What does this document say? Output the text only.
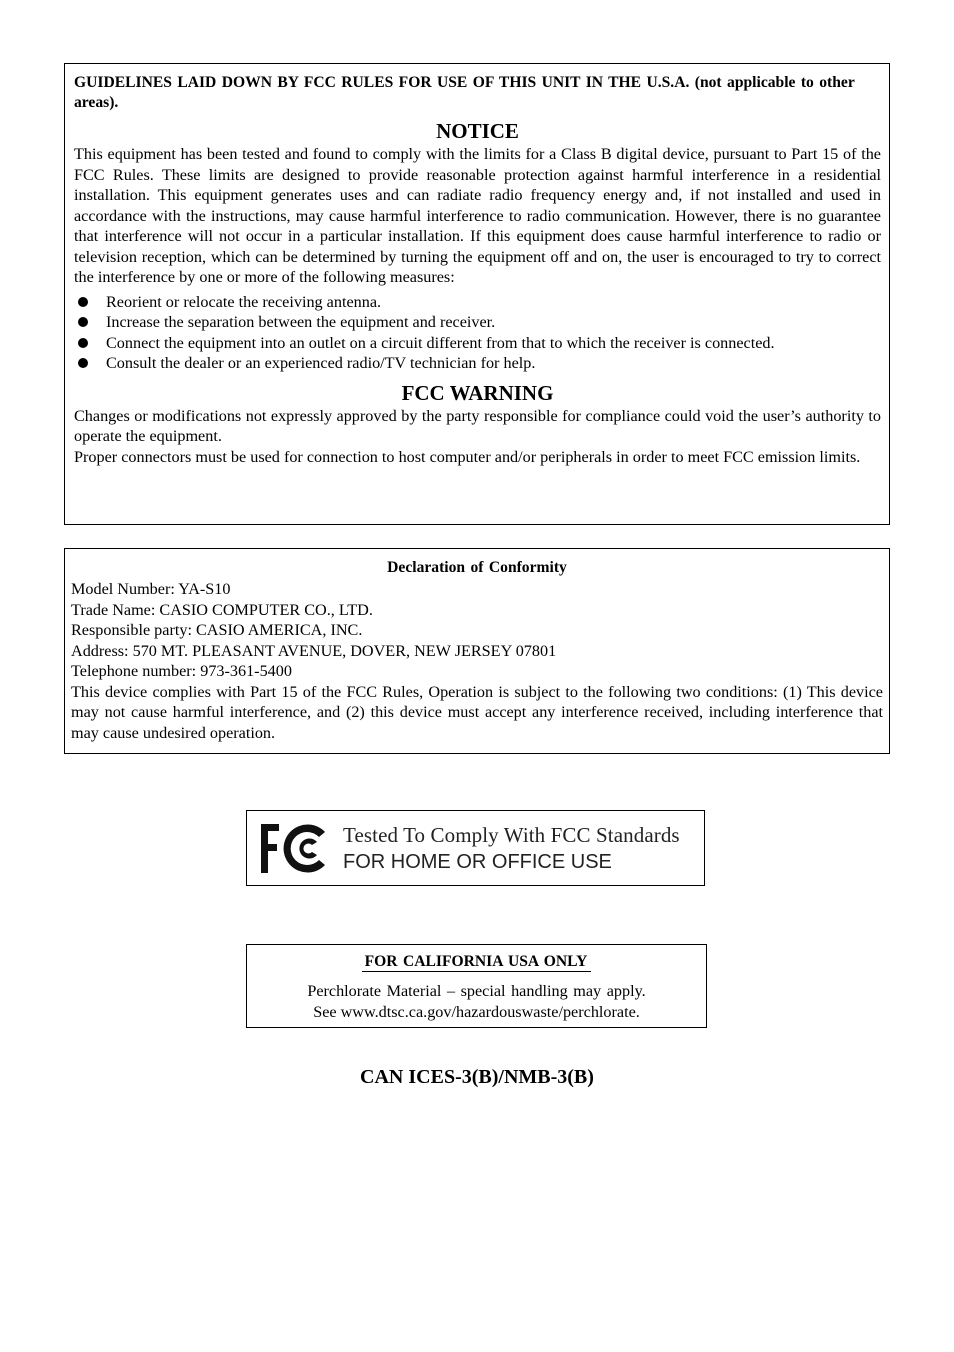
GUIDELINES LAID DOWN BY FCC RULES FOR USE OF THIS UNIT IN THE U.S.A. (not applicable to other areas).

NOTICE

This equipment has been tested and found to comply with the limits for a Class B digital device, pursuant to Part 15 of the FCC Rules. These limits are designed to provide reasonable protection against harmful interference in a residential installation. This equipment generates uses and can radiate radio frequency energy and, if not installed and used in accordance with the instructions, may cause harmful interference to radio communication. However, there is no guarantee that interference will not occur in a particular installation. If this equipment does cause harmful interference to radio or television reception, which can be determined by turning the equipment off and on, the user is encouraged to try to correct the interference by one or more of the following measures:

Reorient or relocate the receiving antenna.
Increase the separation between the equipment and receiver.
Connect the equipment into an outlet on a circuit different from that to which the receiver is connected.
Consult the dealer or an experienced radio/TV technician for help.

FCC WARNING

Changes or modifications not expressly approved by the party responsible for compliance could void the user’s authority to operate the equipment.

Proper connectors must be used for connection to host computer and/or peripherals in order to meet FCC emission limits.

Declaration of Conformity

Model Number: YA-S10

Trade Name: CASIO COMPUTER CO., LTD.

Responsible party: CASIO AMERICA, INC.

Address: 570 MT. PLEASANT AVENUE, DOVER, NEW JERSEY 07801

Telephone number: 973-361-5400

This device complies with Part 15 of the FCC Rules, Operation is subject to the following two conditions: (1) This device may not cause harmful interference, and (2) this device must accept any interference received, including interference that may cause undesired operation.

Tested To Comply With FCC Standards
FOR HOME OR OFFICE USE
FOR CALIFORNIA USA ONLY
Perchlorate Material – special handling may apply.
See www.dtsc.ca.gov/hazardouswaste/perchlorate.
CAN ICES-3(B)/NMB-3(B)
